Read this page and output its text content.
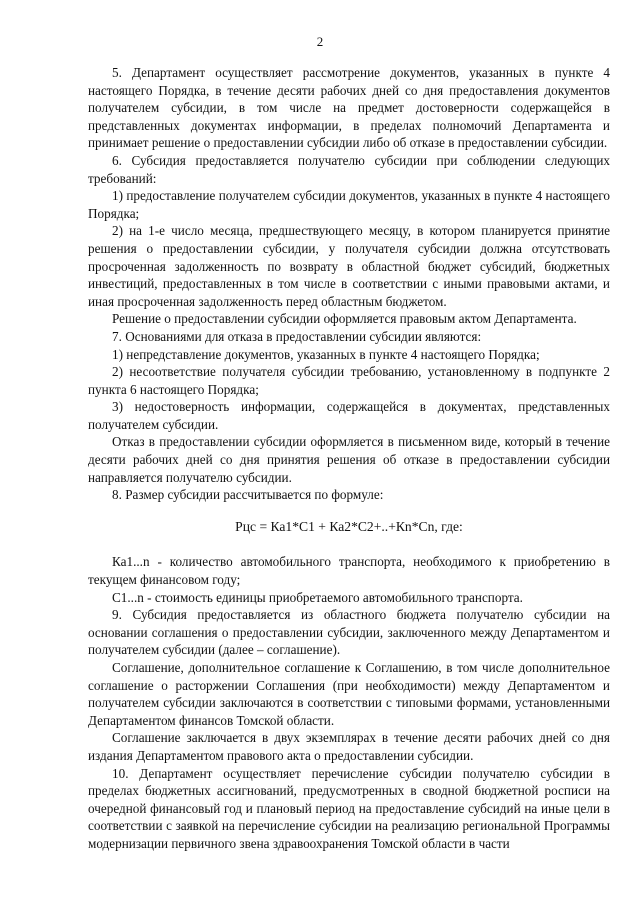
2

5. Департамент осуществляет рассмотрение документов, указанных в пункте 4 настоящего Порядка, в течение десяти рабочих дней со дня предоставления документов получателем субсидии, в том числе на предмет достоверности содержащейся в представленных документах информации, в пределах полномочий Департамента и принимает решение о предоставлении субсидии либо об отказе в предоставлении субсидии.

6. Субсидия предоставляется получателю субсидии при соблюдении следующих требований:

1) предоставление получателем субсидии документов, указанных в пункте 4 настоящего Порядка;

2) на 1-е число месяца, предшествующего месяцу, в котором планируется принятие решения о предоставлении субсидии, у получателя субсидии должна отсутствовать просроченная задолженность по возврату в областной бюджет субсидий, бюджетных инвестиций, предоставленных в том числе в соответствии с иными правовыми актами, и иная просроченная задолженность перед областным бюджетом.

Решение о предоставлении субсидии оформляется правовым актом Департамента.

7. Основаниями для отказа в предоставлении субсидии являются:

1) непредставление документов, указанных в пункте 4 настоящего Порядка;

2) несоответствие получателя субсидии требованию, установленному в подпункте 2 пункта 6 настоящего Порядка;

3) недостоверность информации, содержащейся в документах, представленных получателем субсидии.

Отказ в предоставлении субсидии оформляется в письменном виде, который в течение десяти рабочих дней со дня принятия решения об отказе в предоставлении субсидии направляется получателю субсидии.

8. Размер субсидии рассчитывается по формуле:

Рцс = Ка1*С1 + Ка2*С2+..+Кn*Сn, где:

Ка1...n - количество автомобильного транспорта, необходимого к приобретению в текущем финансовом году;

С1...n - стоимость единицы приобретаемого автомобильного транспорта.

9. Субсидия предоставляется из областного бюджета получателю субсидии на основании соглашения о предоставлении субсидии, заключенного между Департаментом и получателем субсидии (далее – соглашение).

Соглашение, дополнительное соглашение к Соглашению, в том числе дополнительное соглашение о расторжении Соглашения (при необходимости) между Департаментом и получателем субсидии заключаются в соответствии с типовыми формами, установленными Департаментом финансов Томской области.

Соглашение заключается в двух экземплярах в течение десяти рабочих дней со дня издания Департаментом правового акта о предоставлении субсидии.

10. Департамент осуществляет перечисление субсидии получателю субсидии в пределах бюджетных ассигнований, предусмотренных в сводной бюджетной росписи на очередной финансовый год и плановый период на предоставление субсидий на иные цели в соответствии с заявкой на перечисление субсидии на реализацию региональной Программы модернизации первичного звена здравоохранения Томской области в части
